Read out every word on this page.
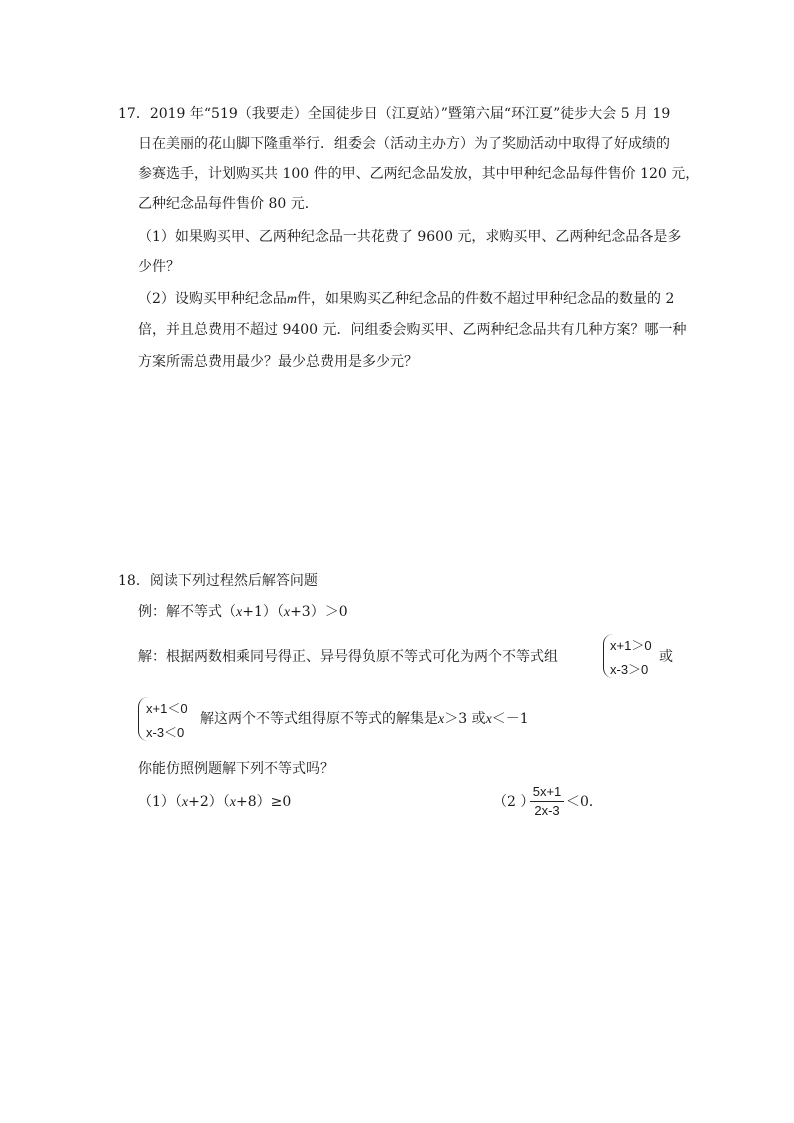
17．2019 年“519（我要走）全国徒步日（江夏站）”暨第六届“环江夏”徒步大会 5 月 19
日在美丽的花山脚下隆重举行．组委会（活动主办方）为了奖励活动中取得了好成绩的
参赛选手，计划购买共 100 件的甲、乙两纪念品发放，其中甲种纪念品每件售价 120 元，
乙种纪念品每件售价 80 元．
（1）如果购买甲、乙两种纪念品一共花费了 9600 元，求购买甲、乙两种纪念品各是多
少件？
（2）设购买甲种纪念品m件，如果购买乙种纪念品的件数不超过甲种纪念品的数量的 2
倍，并且总费用不超过 9400 元．问组委会购买甲、乙两种纪念品共有几种方案？哪一种
方案所需总费用最少？最少总费用是多少元？
18．阅读下列过程然后解答问题
例：解不等式（x+1）（x+3）＞0
解：根据两数相乘同号得正、异号得负原不等式可化为两个不等式组
x+1＞0
x-3＞0
或
x+1＜0
x-3＜0
解这两个不等式组得原不等式的解集是x＞3 或x＜－1
你能仿照例题解下列不等式吗？
（1）（x+2）（x+8）≥0	（2 ）
5x+1
2x-3
＜0．
